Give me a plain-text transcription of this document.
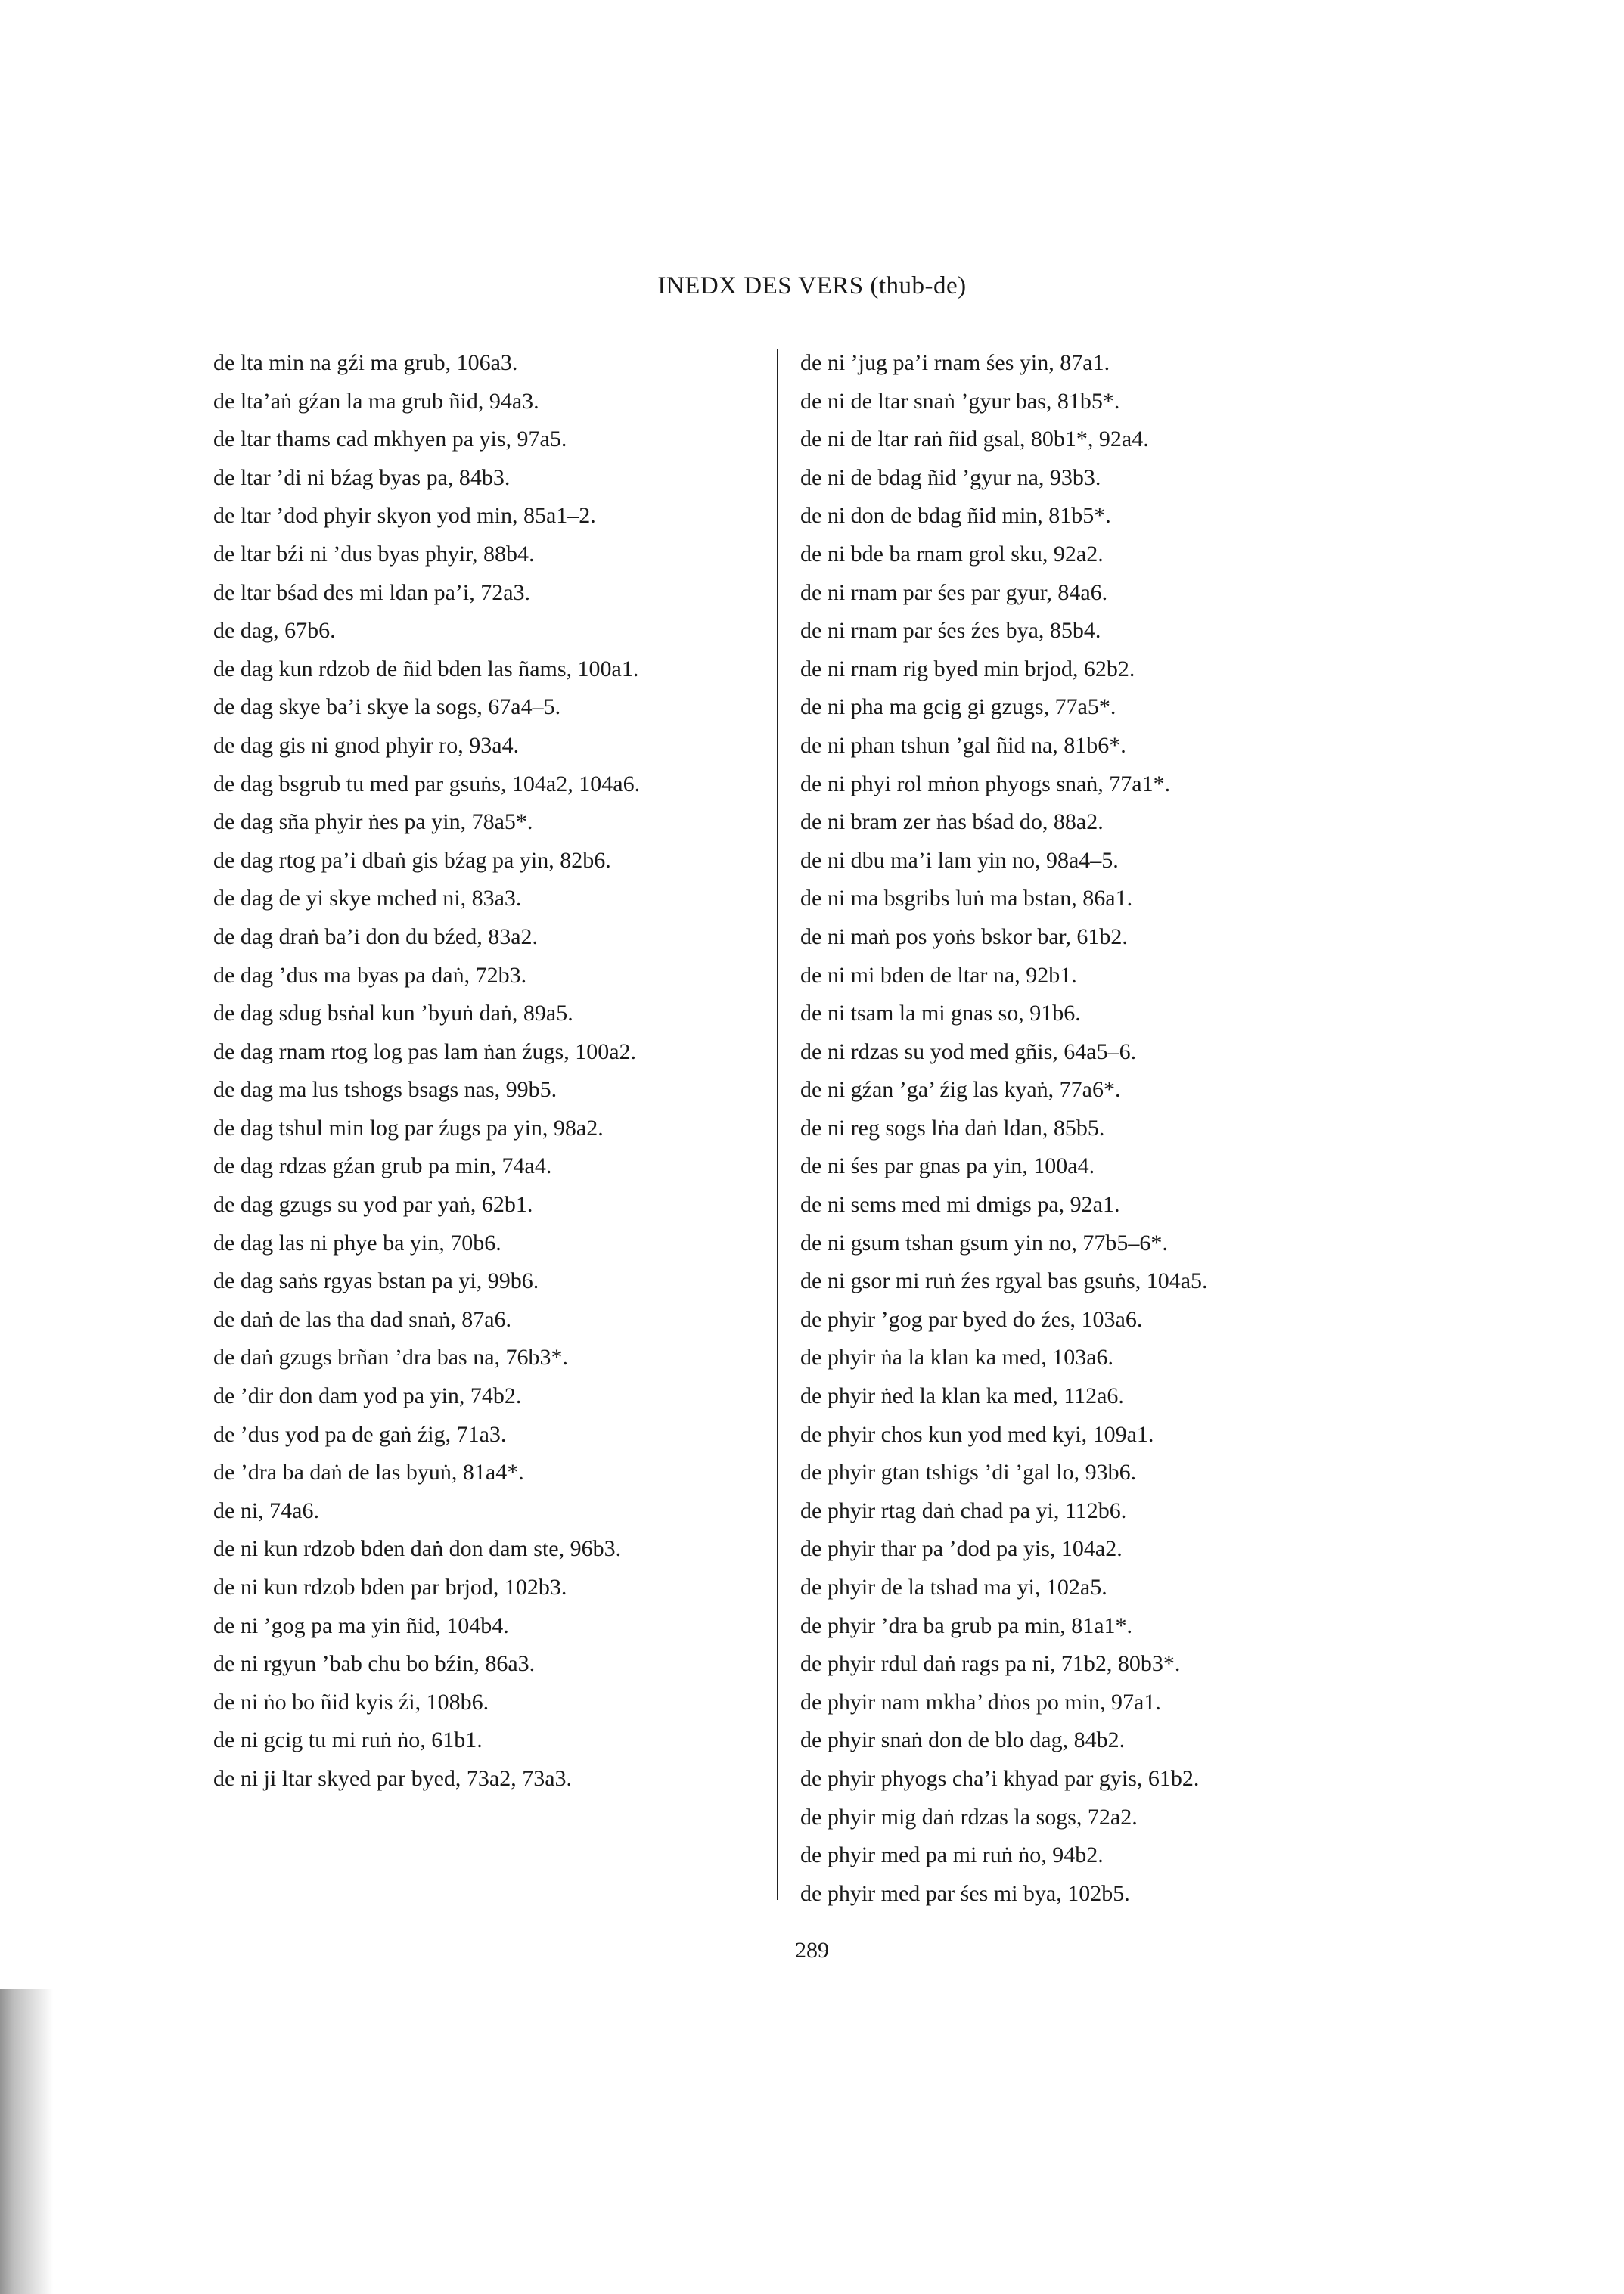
INEDX DES VERS (thub-de)
de lta min na gźi ma grub, 106a3.
de lta’aṅ gźan la ma grub ñid, 94a3.
de ltar thams cad mkhyen pa yis, 97a5.
de ltar ’di ni bźag byas pa, 84b3.
de ltar ’dod phyir skyon yod min, 85a1–2.
de ltar bźi ni ’dus byas phyir, 88b4.
de ltar bśad des mi ldan pa’i, 72a3.
de dag, 67b6.
de dag kun rdzob de ñid bden las ñams, 100a1.
de dag skye ba’i skye la sogs, 67a4–5.
de dag gis ni gnod phyir ro, 93a4.
de dag bsgrub tu med par gsuṅs, 104a2, 104a6.
de dag sña phyir ṅes pa yin, 78a5*.
de dag rtog pa’i dbaṅ gis bźag pa yin, 82b6.
de dag de yi skye mched ni, 83a3.
de dag draṅ ba’i don du bźed, 83a2.
de dag ’dus ma byas pa daṅ, 72b3.
de dag sdug bsṅal kun ’byuṅ daṅ, 89a5.
de dag rnam rtog log pas lam ṅan źugs, 100a2.
de dag ma lus tshogs bsags nas, 99b5.
de dag tshul min log par źugs pa yin, 98a2.
de dag rdzas gźan grub pa min, 74a4.
de dag gzugs su yod par yaṅ, 62b1.
de dag las ni phye ba yin, 70b6.
de dag saṅs rgyas bstan pa yi, 99b6.
de daṅ de las tha dad snaṅ, 87a6.
de daṅ gzugs brñan ’dra bas na, 76b3*.
de ’dir don dam yod pa yin, 74b2.
de ’dus yod pa de gaṅ źig, 71a3.
de ’dra ba daṅ de las byuṅ, 81a4*.
de ni, 74a6.
de ni kun rdzob bden daṅ don dam ste, 96b3.
de ni kun rdzob bden par brjod, 102b3.
de ni ’gog pa ma yin ñid, 104b4.
de ni rgyun ’bab chu bo bźin, 86a3.
de ni ṅo bo ñid kyis źi, 108b6.
de ni gcig tu mi ruṅ ṅo, 61b1.
de ni ji ltar skyed par byed, 73a2, 73a3.
de ni ’jug pa’i rnam śes yin, 87a1.
de ni de ltar snaṅ ’gyur bas, 81b5*.
de ni de ltar raṅ ñid gsal, 80b1*, 92a4.
de ni de bdag ñid ’gyur na, 93b3.
de ni don de bdag ñid min, 81b5*.
de ni bde ba rnam grol sku, 92a2.
de ni rnam par śes par gyur, 84a6.
de ni rnam par śes źes bya, 85b4.
de ni rnam rig byed min brjod, 62b2.
de ni pha ma gcig gi gzugs, 77a5*.
de ni phan tshun ’gal ñid na, 81b6*.
de ni phyi rol mṅon phyogs snaṅ, 77a1*.
de ni bram zer ṅas bśad do, 88a2.
de ni dbu ma’i lam yin no, 98a4–5.
de ni ma bsgribs luṅ ma bstan, 86a1.
de ni maṅ pos yoṅs bskor bar, 61b2.
de ni mi bden de ltar na, 92b1.
de ni tsam la mi gnas so, 91b6.
de ni rdzas su yod med gñis, 64a5–6.
de ni gźan ’ga’ źig las kyaṅ, 77a6*.
de ni reg sogs lṅa daṅ ldan, 85b5.
de ni śes par gnas pa yin, 100a4.
de ni sems med mi dmigs pa, 92a1.
de ni gsum tshan gsum yin no, 77b5–6*.
de ni gsor mi ruṅ źes rgyal bas gsuṅs, 104a5.
de phyir ’gog par byed do źes, 103a6.
de phyir ṅa la klan ka med, 103a6.
de phyir ṅed la klan ka med, 112a6.
de phyir chos kun yod med kyi, 109a1.
de phyir gtan tshigs ’di ’gal lo, 93b6.
de phyir rtag daṅ chad pa yi, 112b6.
de phyir thar pa ’dod pa yis, 104a2.
de phyir de la tshad ma yi, 102a5.
de phyir ’dra ba grub pa min, 81a1*.
de phyir rdul daṅ rags pa ni, 71b2, 80b3*.
de phyir nam mkha’ dṅos po min, 97a1.
de phyir snaṅ don de blo dag, 84b2.
de phyir phyogs cha’i khyad par gyis, 61b2.
de phyir mig daṅ rdzas la sogs, 72a2.
de phyir med pa mi ruṅ ṅo, 94b2.
de phyir med par śes mi bya, 102b5.
289
